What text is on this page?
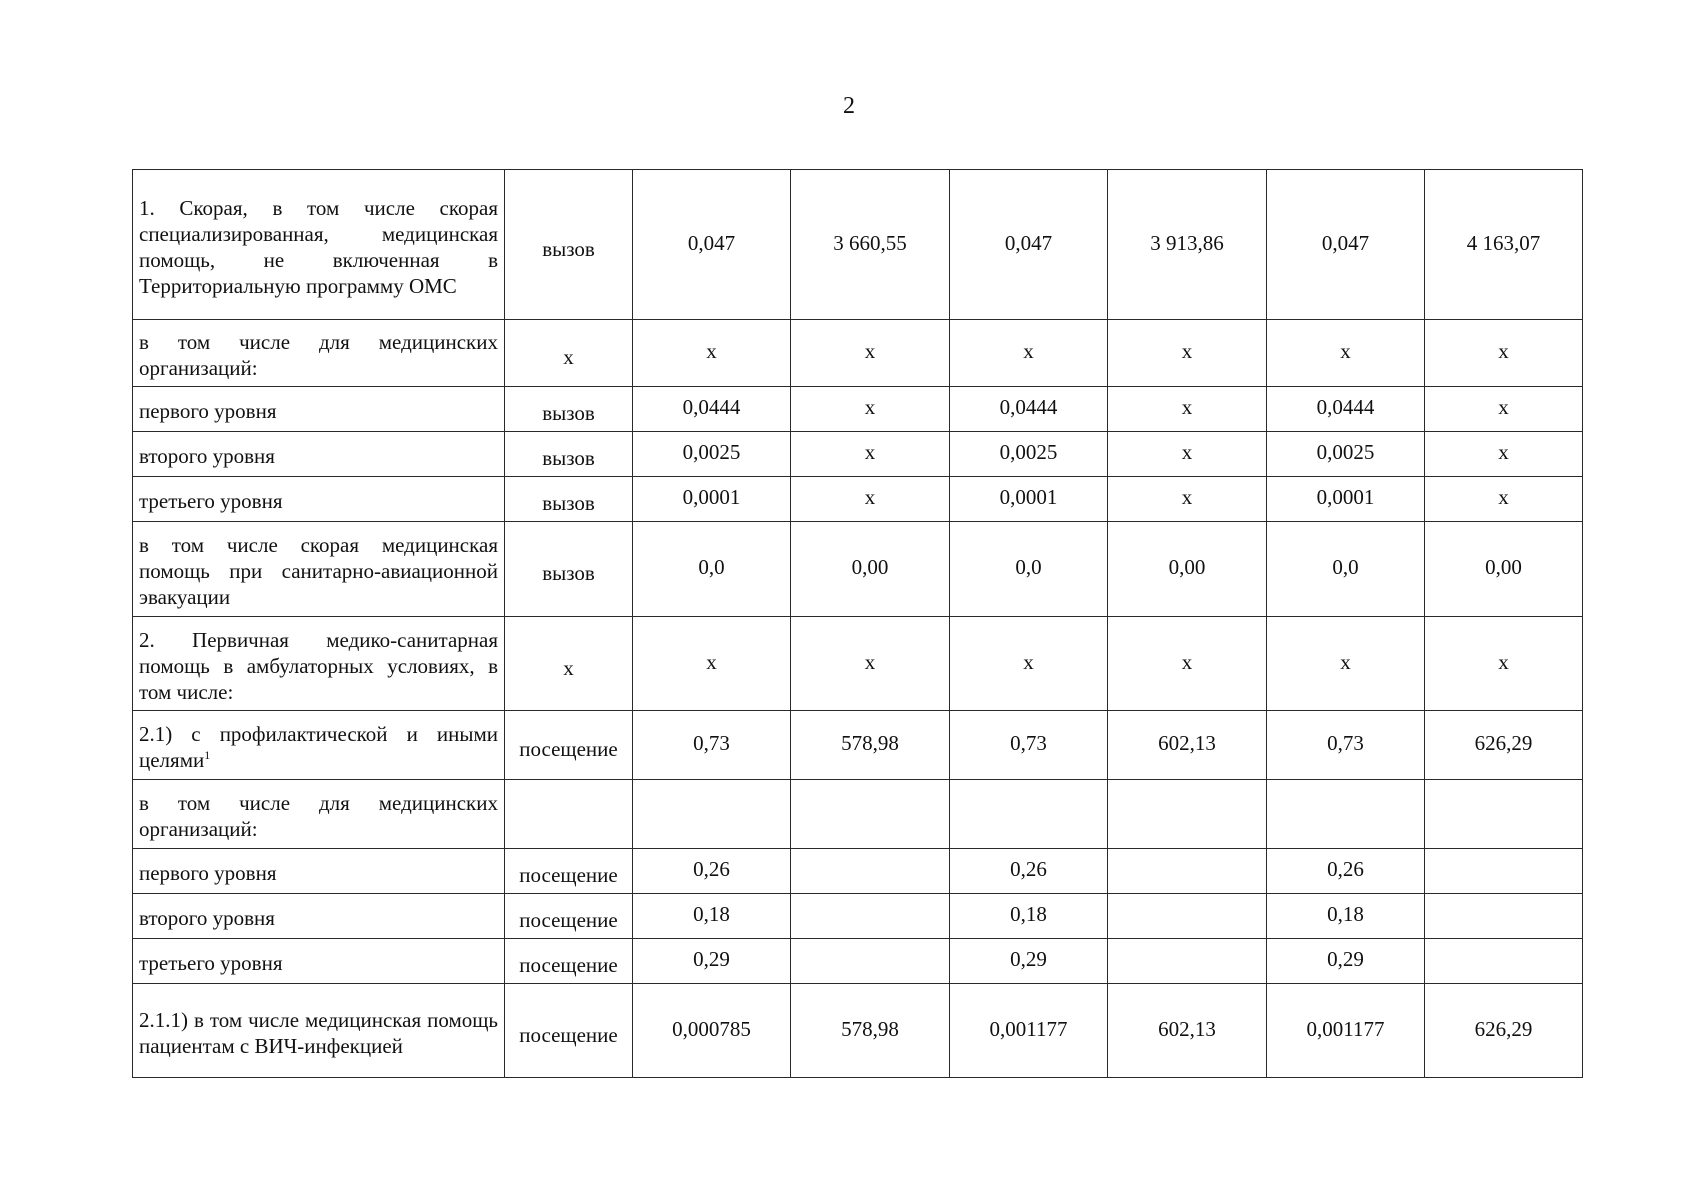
2
1. Скорая, в том числе скорая специализированная, медицинская помощь, не включенная в Территориальную программу ОМС	вызов	0,047	3 660,55	0,047	3 913,86	0,047	4 163,07
в том числе для медицинских организаций:	х	х	х	х	х	х	х
первого уровня	вызов	0,0444	х	0,0444	х	0,0444	х
второго уровня	вызов	0,0025	х	0,0025	х	0,0025	х
третьего уровня	вызов	0,0001	х	0,0001	х	0,0001	х
в том числе скорая медицинская помощь при санитарно-авиационной эвакуации	вызов	0,0	0,00	0,0	0,00	0,0	0,00
2. Первичная медико-санитарная помощь в амбулаторных условиях, в том числе:	х	х	х	х	х	х	х
2.1) с профилактической и иными целями$^1$	посещение	0,73	578,98	0,73	602,13	0,73	626,29
в том числе для медицинских организаций:							
первого уровня	посещение	0,26		0,26		0,26	
второго уровня	посещение	0,18		0,18		0,18	
третьего уровня	посещение	0,29		0,29		0,29	
2.1.1) в том числе медицинская помощь пациентам с ВИЧ-инфекцией	посещение	0,000785	578,98	0,001177	602,13	0,001177	626,29
